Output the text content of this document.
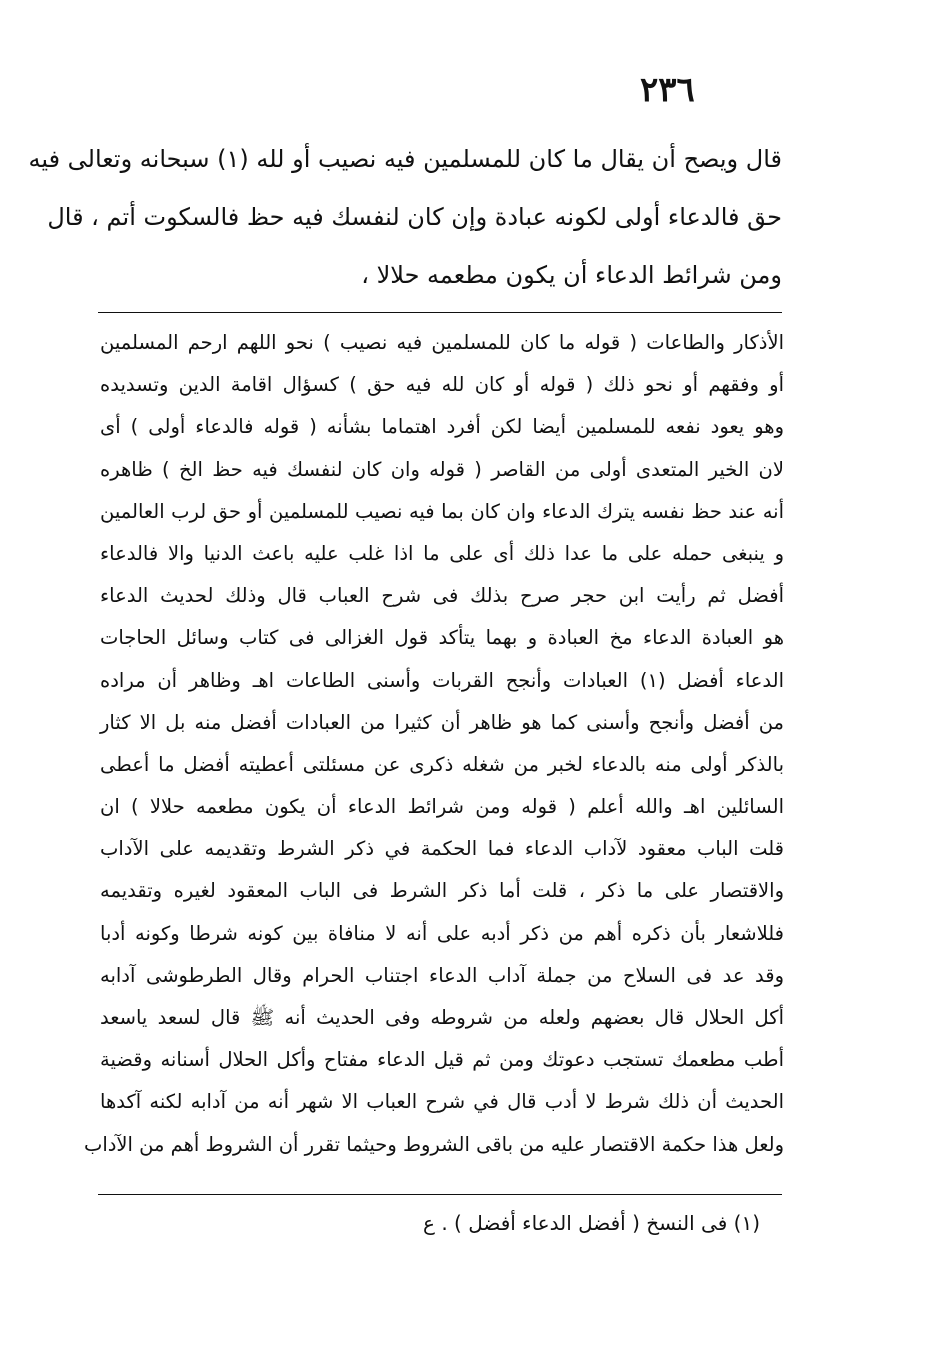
٢٣٦
قال ويصح أن يقال ما كان للمسلمين فيه نصيب أو لله (١) سبحانه وتعالى فيه
حق فالدعاء أولى لكونه عبادة وإن كان لنفسك فيه حظ فالسكوت أتم ، قال
ومن شرائط الدعاء أن يكون مطعمه حلالا ،
الأذكار والطاعات ( قوله ما كان للمسلمين فيه نصيب ) نحو اللهم ارحم المسلمين
أو وفقهم أو نحو ذلك ( قوله أو كان لله فيه حق ) كسؤال اقامة الدين وتسديده
وهو يعود نفعه للمسلمين أيضا لكن أفرد اهتماما بشأنه ( قوله فالدعاء أولى ) أى
لان الخير المتعدى أولى من القاصر ( قوله وان كان لنفسك فيه حظ الخ ) ظاهره
أنه عند حظ نفسه يترك الدعاء وان كان بما فيه نصيب للمسلمين أو حق لرب العالمين
و ينبغى حمله على ما عدا ذلك أى على ما اذا غلب عليه باعث الدنيا والا فالدعاء
أفضل ثم رأيت ابن حجر صرح بذلك فى شرح العباب قال وذلك لحديث الدعاء
هو العبادة الدعاء مخ العبادة و بهما يتأكد قول الغزالى فى كتاب وسائل الحاجات
الدعاء أفضل (١) العبادات وأنجح القربات وأسنى الطاعات اهـ وظاهر أن مراده
من أفضل وأنجح وأسنى كما هو ظاهر أن كثيرا من العبادات أفضل منه بل الا كثار
بالذكر أولى منه بالدعاء لخبر من شغله ذكرى عن مسئلتى أعطيته أفضل ما أعطى
السائلين اهـ والله أعلم ( قوله ومن شرائط الدعاء أن يكون مطعمه حلالا ) ان
قلت الباب معقود لآداب الدعاء فما الحكمة في ذكر الشرط وتقديمه على الآداب
والاقتصار على ما ذكر ، قلت أما ذكر الشرط فى الباب المعقود لغيره وتقديمه
فللاشعار بأن ذكره أهم من ذكر أدبه على أنه لا منافاة بين كونه شرطا وكونه أدبا
وقد عد فى السلاح من جملة آداب الدعاء اجتناب الحرام وقال الطرطوشى آدابه
أكل الحلال قال بعضهم ولعله من شروطه وفى الحديث أنه ﷺ قال لسعد ياسعد
أطب مطعمك تستجب دعوتك ومن ثم قيل الدعاء مفتاح وأكل الحلال أسنانه وقضية
الحديث أن ذلك شرط لا أدب قال في شرح العباب الا شهر أنه من آدابه لكنه آكدها
ولعل هذا حكمة الاقتصار عليه من باقى الشروط وحيثما تقرر أن الشروط أهم من الآداب
(١) فى النسخ ( أفضل الدعاء أفضل ) . ع
